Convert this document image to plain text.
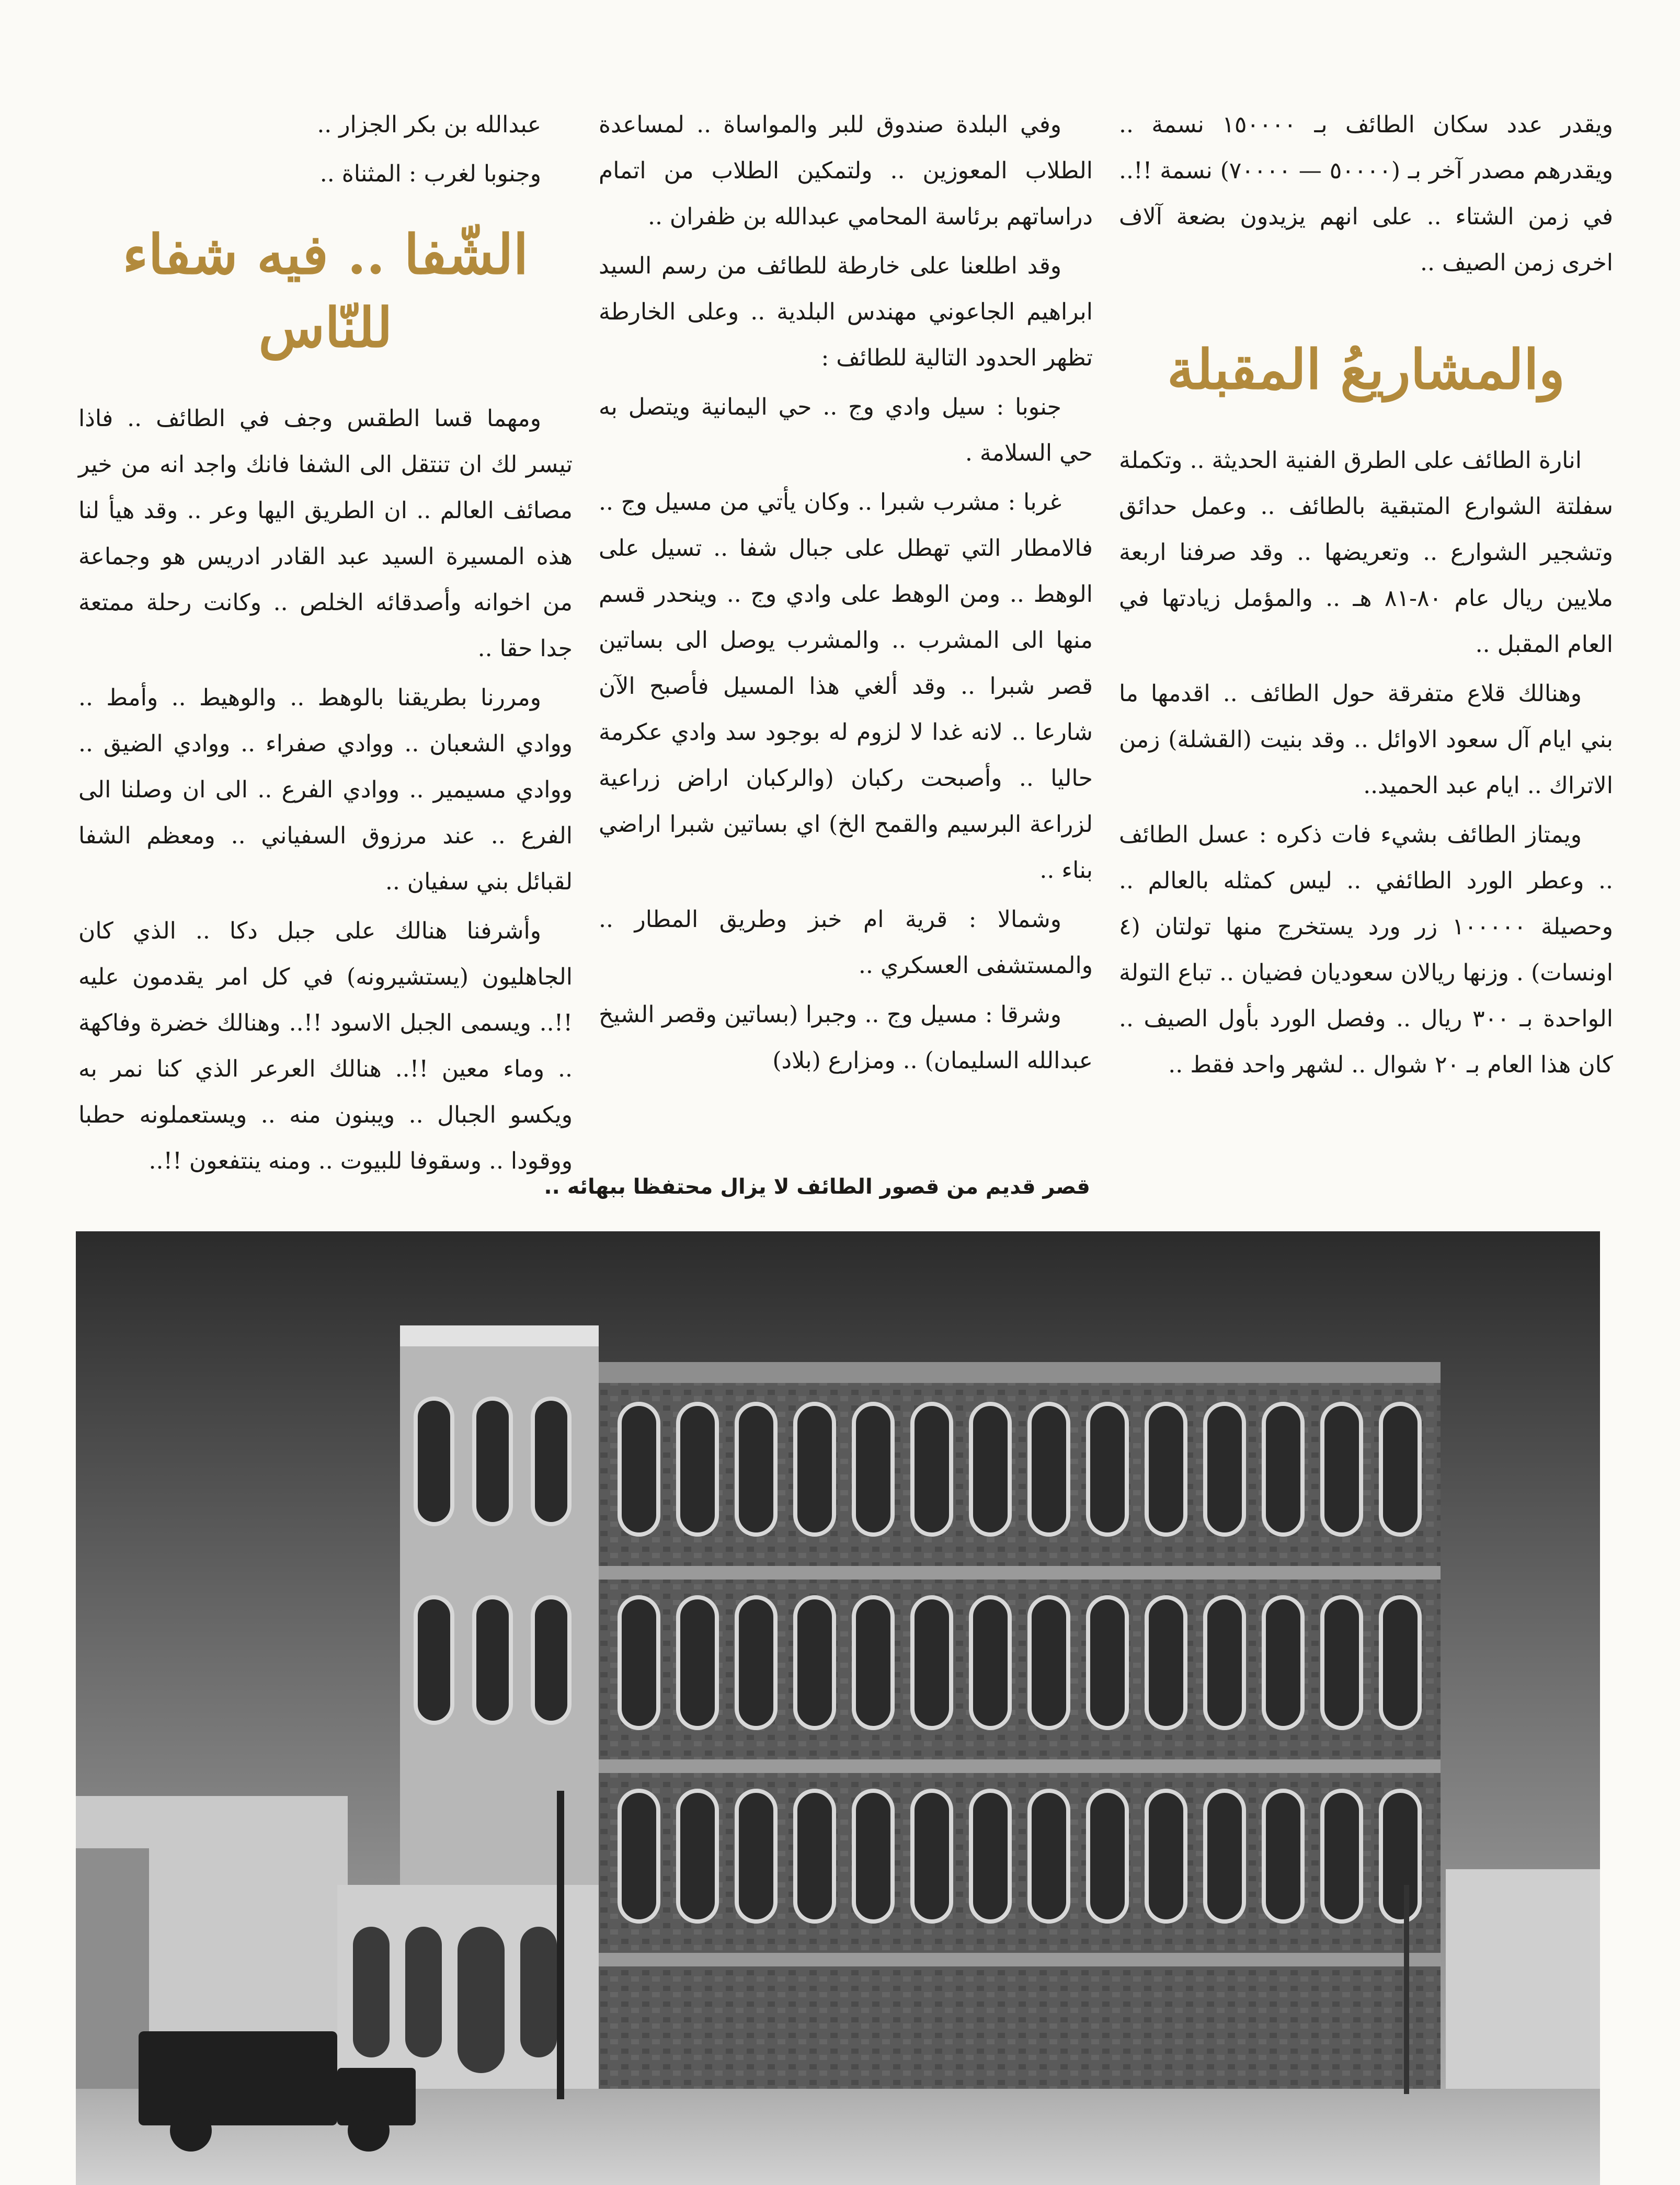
ويقدر عدد سكان الطائف بـ ١٥٠٠٠٠ نسمة .. ويقدرهم مصدر آخر بـ (٥٠٠٠٠ — ٧٠٠٠٠) نسمة !!.. في زمن الشتاء .. على انهم يزيدون بضعة آلاف اخرى زمن الصيف ..

والمشاريعُ المقبلة

انارة الطائف على الطرق الفنية الحديثة .. وتكملة سفلتة الشوارع المتبقية بالطائف .. وعمل حدائق وتشجير الشوارع .. وتعريضها .. وقد صرفنا اربعة ملايين ريال عام ٨٠-٨١ هـ .. والمؤمل زيادتها في العام المقبل ..

وهنالك قلاع متفرقة حول الطائف .. اقدمها ما بني ايام آل سعود الاوائل .. وقد بنيت (القشلة) زمن الاتراك .. ايام عبد الحميد..

ويمتاز الطائف بشيء فات ذكره : عسل الطائف .. وعطر الورد الطائفي .. ليس كمثله بالعالم .. وحصيلة ١٠٠٠٠٠ زر ورد يستخرج منها تولتان (٤ اونسات) . وزنها ريالان سعوديان فضيان .. تباع التولة الواحدة بـ ٣٠٠ ريال .. وفصل الورد بأول الصيف .. كان هذا العام بـ ٢٠ شوال .. لشهر واحد فقط ..

وفي البلدة صندوق للبر والمواساة .. لمساعدة الطلاب المعوزين .. ولتمكين الطلاب من اتمام دراساتهم برئاسة المحامي عبدالله بن ظفران ..

وقد اطلعنا على خارطة للطائف من رسم السيد ابراهيم الجاعوني مهندس البلدية .. وعلى الخارطة تظهر الحدود التالية للطائف :

جنوبا : سيل وادي وج .. حي اليمانية ويتصل به حي السلامة .

غربا : مشرب شبرا .. وكان يأتي من مسيل وج .. فالامطار التي تهطل على جبال شفا .. تسيل على الوهط .. ومن الوهط على وادي وج .. وينحدر قسم منها الى المشرب .. والمشرب يوصل الى بساتين قصر شبرا .. وقد ألغي هذا المسيل فأصبح الآن شارعا .. لانه غدا لا لزوم له بوجود سد وادي عكرمة حاليا .. وأصبحت ركبان (والركبان اراض زراعية لزراعة البرسيم والقمح الخ) اي بساتين شبرا اراضي بناء ..

وشمالا : قرية ام خبز وطريق المطار .. والمستشفى العسكري ..

وشرقا : مسيل وج .. وجبرا (بساتين وقصر الشيخ عبدالله السليمان) .. ومزارع (بلاد)

عبدالله بن بكر الجزار ..

وجنوبا لغرب : المثناة ..

الشّفا .. فيه شفاء للنّاس

ومهما قسا الطقس وجف في الطائف .. فاذا تيسر لك ان تنتقل الى الشفا فانك واجد انه من خير مصائف العالم .. ان الطريق اليها وعر .. وقد هيأ لنا هذه المسيرة السيد عبد القادر ادريس هو وجماعة من اخوانه وأصدقائه الخلص .. وكانت رحلة ممتعة جدا حقا ..

ومررنا بطريقنا بالوهط .. والوهيط .. وأمط .. ووادي الشعبان .. ووادي صفراء .. ووادي الضيق .. ووادي مسيمير .. ووادي الفرع .. الى ان وصلنا الى الفرع .. عند مرزوق السفياني .. ومعظم الشفا لقبائل بني سفيان ..

وأشرفنا هنالك على جبل دكا .. الذي كان الجاهليون (يستشيرونه) في كل امر يقدمون عليه !!.. ويسمى الجبل الاسود !!.. وهنالك خضرة وفاكهة .. وماء معين !!.. هنالك العرعر الذي كنا نمر به ويكسو الجبال .. ويبنون منه .. ويستعملونه حطبا ووقودا .. وسقوفا للبيوت .. ومنه ينتفعون !!..

قصر قديم من قصور الطائف لا يزال محتفظا ببهائه ..
